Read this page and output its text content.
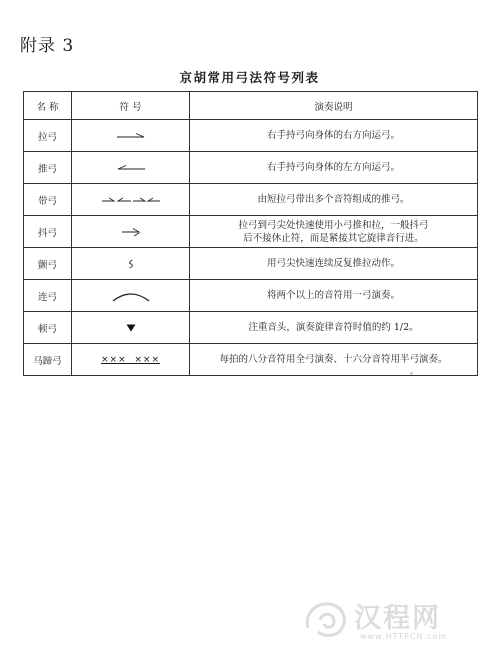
附录 3
京胡常用弓法符号列表
名 称	符 号	演奏说明
拉弓		右手持弓向身体的右方向运弓。
推弓		右手持弓向身体的左方向运弓。
带弓		由短拉弓带出多个音符组成的推弓。
抖弓		拉弓到弓尖处快速使用小弓推和拉，一般抖弓
后不接休止符，而是紧接其它旋律音行进。

颤弓		用弓尖快速连续反复推拉动作。
连弓		将两个以上的音符用一弓演奏。
顿弓		注重音头，演奏旋律音符时值的约 1/2。
马蹄弓	×××  ×××	每拍的八分音符用全弓演奏、十六分音符用半弓演奏。
汉程网
www.HTTPCN.com
